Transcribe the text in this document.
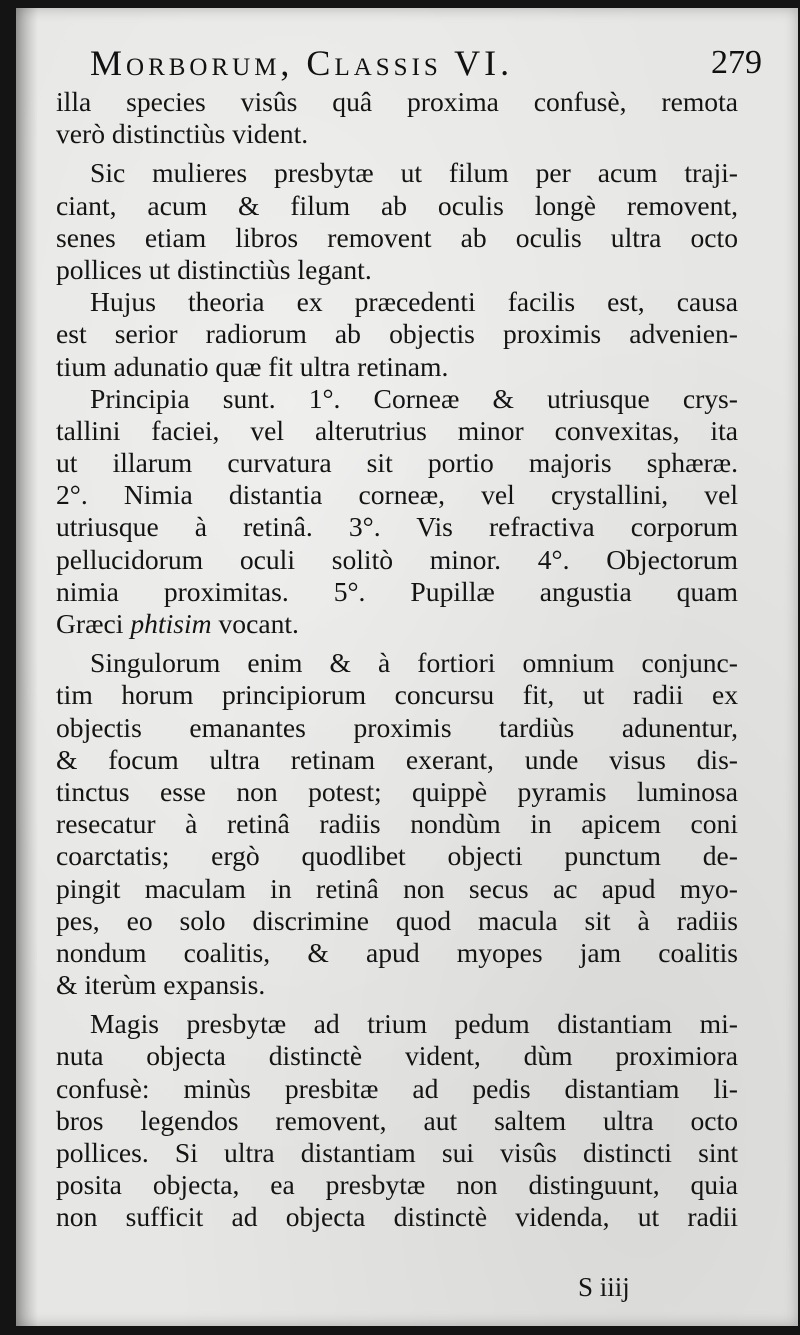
Morborum, Classis VI.	279
illa species visûs quâ proxima confusè, remota
verò distinctiùs vident.
Sic mulieres presbytæ ut filum per acum traji-
ciant, acum & filum ab oculis longè removent,
senes etiam libros removent ab oculis ultra octo
pollices ut distinctiùs legant.
Hujus theoria ex præcedenti facilis est, causa
est serior radiorum ab objectis proximis advenien-
tium adunatio quæ fit ultra retinam.
Principia sunt. 1°. Corneæ & utriusque crys-
tallini faciei, vel alterutrius minor convexitas, ita
ut illarum curvatura sit portio majoris sphæræ.
2°. Nimia distantia corneæ, vel crystallini, vel
utriusque à retinâ. 3°. Vis refractiva corporum
pellucidorum oculi solitò minor. 4°. Objectorum
nimia proximitas. 5°. Pupillæ angustia quam
Græci phtisim vocant.
Singulorum enim & à fortiori omnium conjunc-
tim horum principiorum concursu fit, ut radii ex
objectis emanantes proximis tardiùs adunentur,
& focum ultra retinam exerant, unde visus dis-
tinctus esse non potest; quippè pyramis luminosa
resecatur à retinâ radiis nondùm in apicem coni
coarctatis; ergò quodlibet objecti punctum de-
pingit maculam in retinâ non secus ac apud myo-
pes, eo solo discrimine quod macula sit à radiis
nondum coalitis, & apud myopes jam coalitis
& iterùm expansis.
Magis presbytæ ad trium pedum distantiam mi-
nuta objecta distinctè vident, dùm proximiora
confusè: minùs presbitæ ad pedis distantiam li-
bros legendos removent, aut saltem ultra octo
pollices. Si ultra distantiam sui visûs distincti sint
posita objecta, ea presbytæ non distinguunt, quia
non sufficit ad objecta distinctè videnda, ut radii
S iiij
